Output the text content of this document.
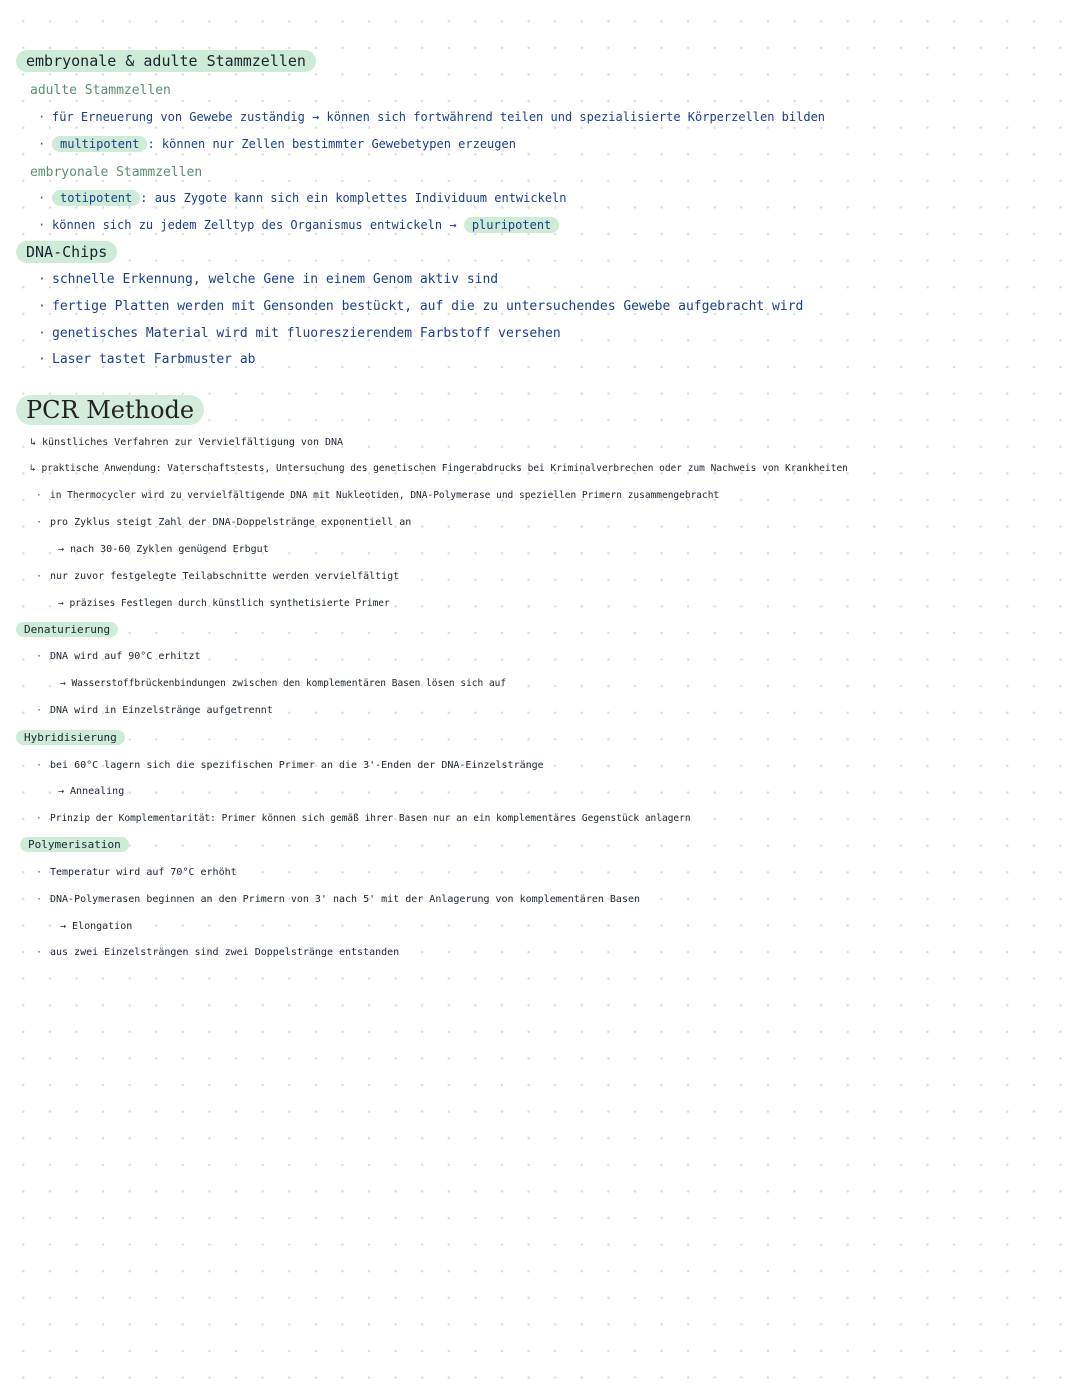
embryonale & adulte Stammzellen
adulte Stammzellen
· für Erneuerung von Gewebe zuständig → können sich fortwährend teilen und spezialisierte Körperzellen bilden
· multipotent : können nur Zellen bestimmter Gewebetypen erzeugen
embryonale Stammzellen
· totipotent : aus Zygote kann sich ein komplettes Individuum entwickeln
· können sich zu jedem Zelltyp des Organismus entwickeln → pluripotent
DNA-Chips
· schnelle Erkennung, welche Gene in einem Genom aktiv sind
· fertige Platten werden mit Gensonden bestückt, auf die zu untersuchendes Gewebe aufgebracht wird
· genetisches Material wird mit fluoreszierendem Farbstoff versehen
· Laser tastet Farbmuster ab
PCR Methode
↳ künstliches Verfahren zur Vervielfältigung von DNA
↳ praktische Anwendung: Vaterschaftstests, Untersuchung des genetischen Fingerabdrucks bei Kriminalverbrechen oder zum Nachweis von Krankheiten
· in Thermocycler wird zu vervielfältigende DNA mit Nukleotiden, DNA-Polymerase und speziellen Primern zusammengebracht
· pro Zyklus steigt Zahl der DNA-Doppelstränge exponentiell an
→ nach 30-60 Zyklen genügend Erbgut
· nur zuvor festgelegte Teilabschnitte werden vervielfältigt
→ präzises Festlegen durch künstlich synthetisierte Primer
Denaturierung
· DNA wird auf 90°C erhitzt
→ Wasserstoffbrückenbindungen zwischen den komplementären Basen lösen sich auf
· DNA wird in Einzelstränge aufgetrennt
Hybridisierung
· bei 60°C lagern sich die spezifischen Primer an die 3'-Enden der DNA-Einzelstränge
→ Annealing
· Prinzip der Komplementarität: Primer können sich gemäß ihrer Basen nur an ein komplementäres Gegenstück anlagern
Polymerisation
· Temperatur wird auf 70°C erhöht
· DNA-Polymerasen beginnen an den Primern von 3' nach 5' mit der Anlagerung von komplementären Basen
→ Elongation
· aus zwei Einzelsträngen sind zwei Doppelstränge entstanden
